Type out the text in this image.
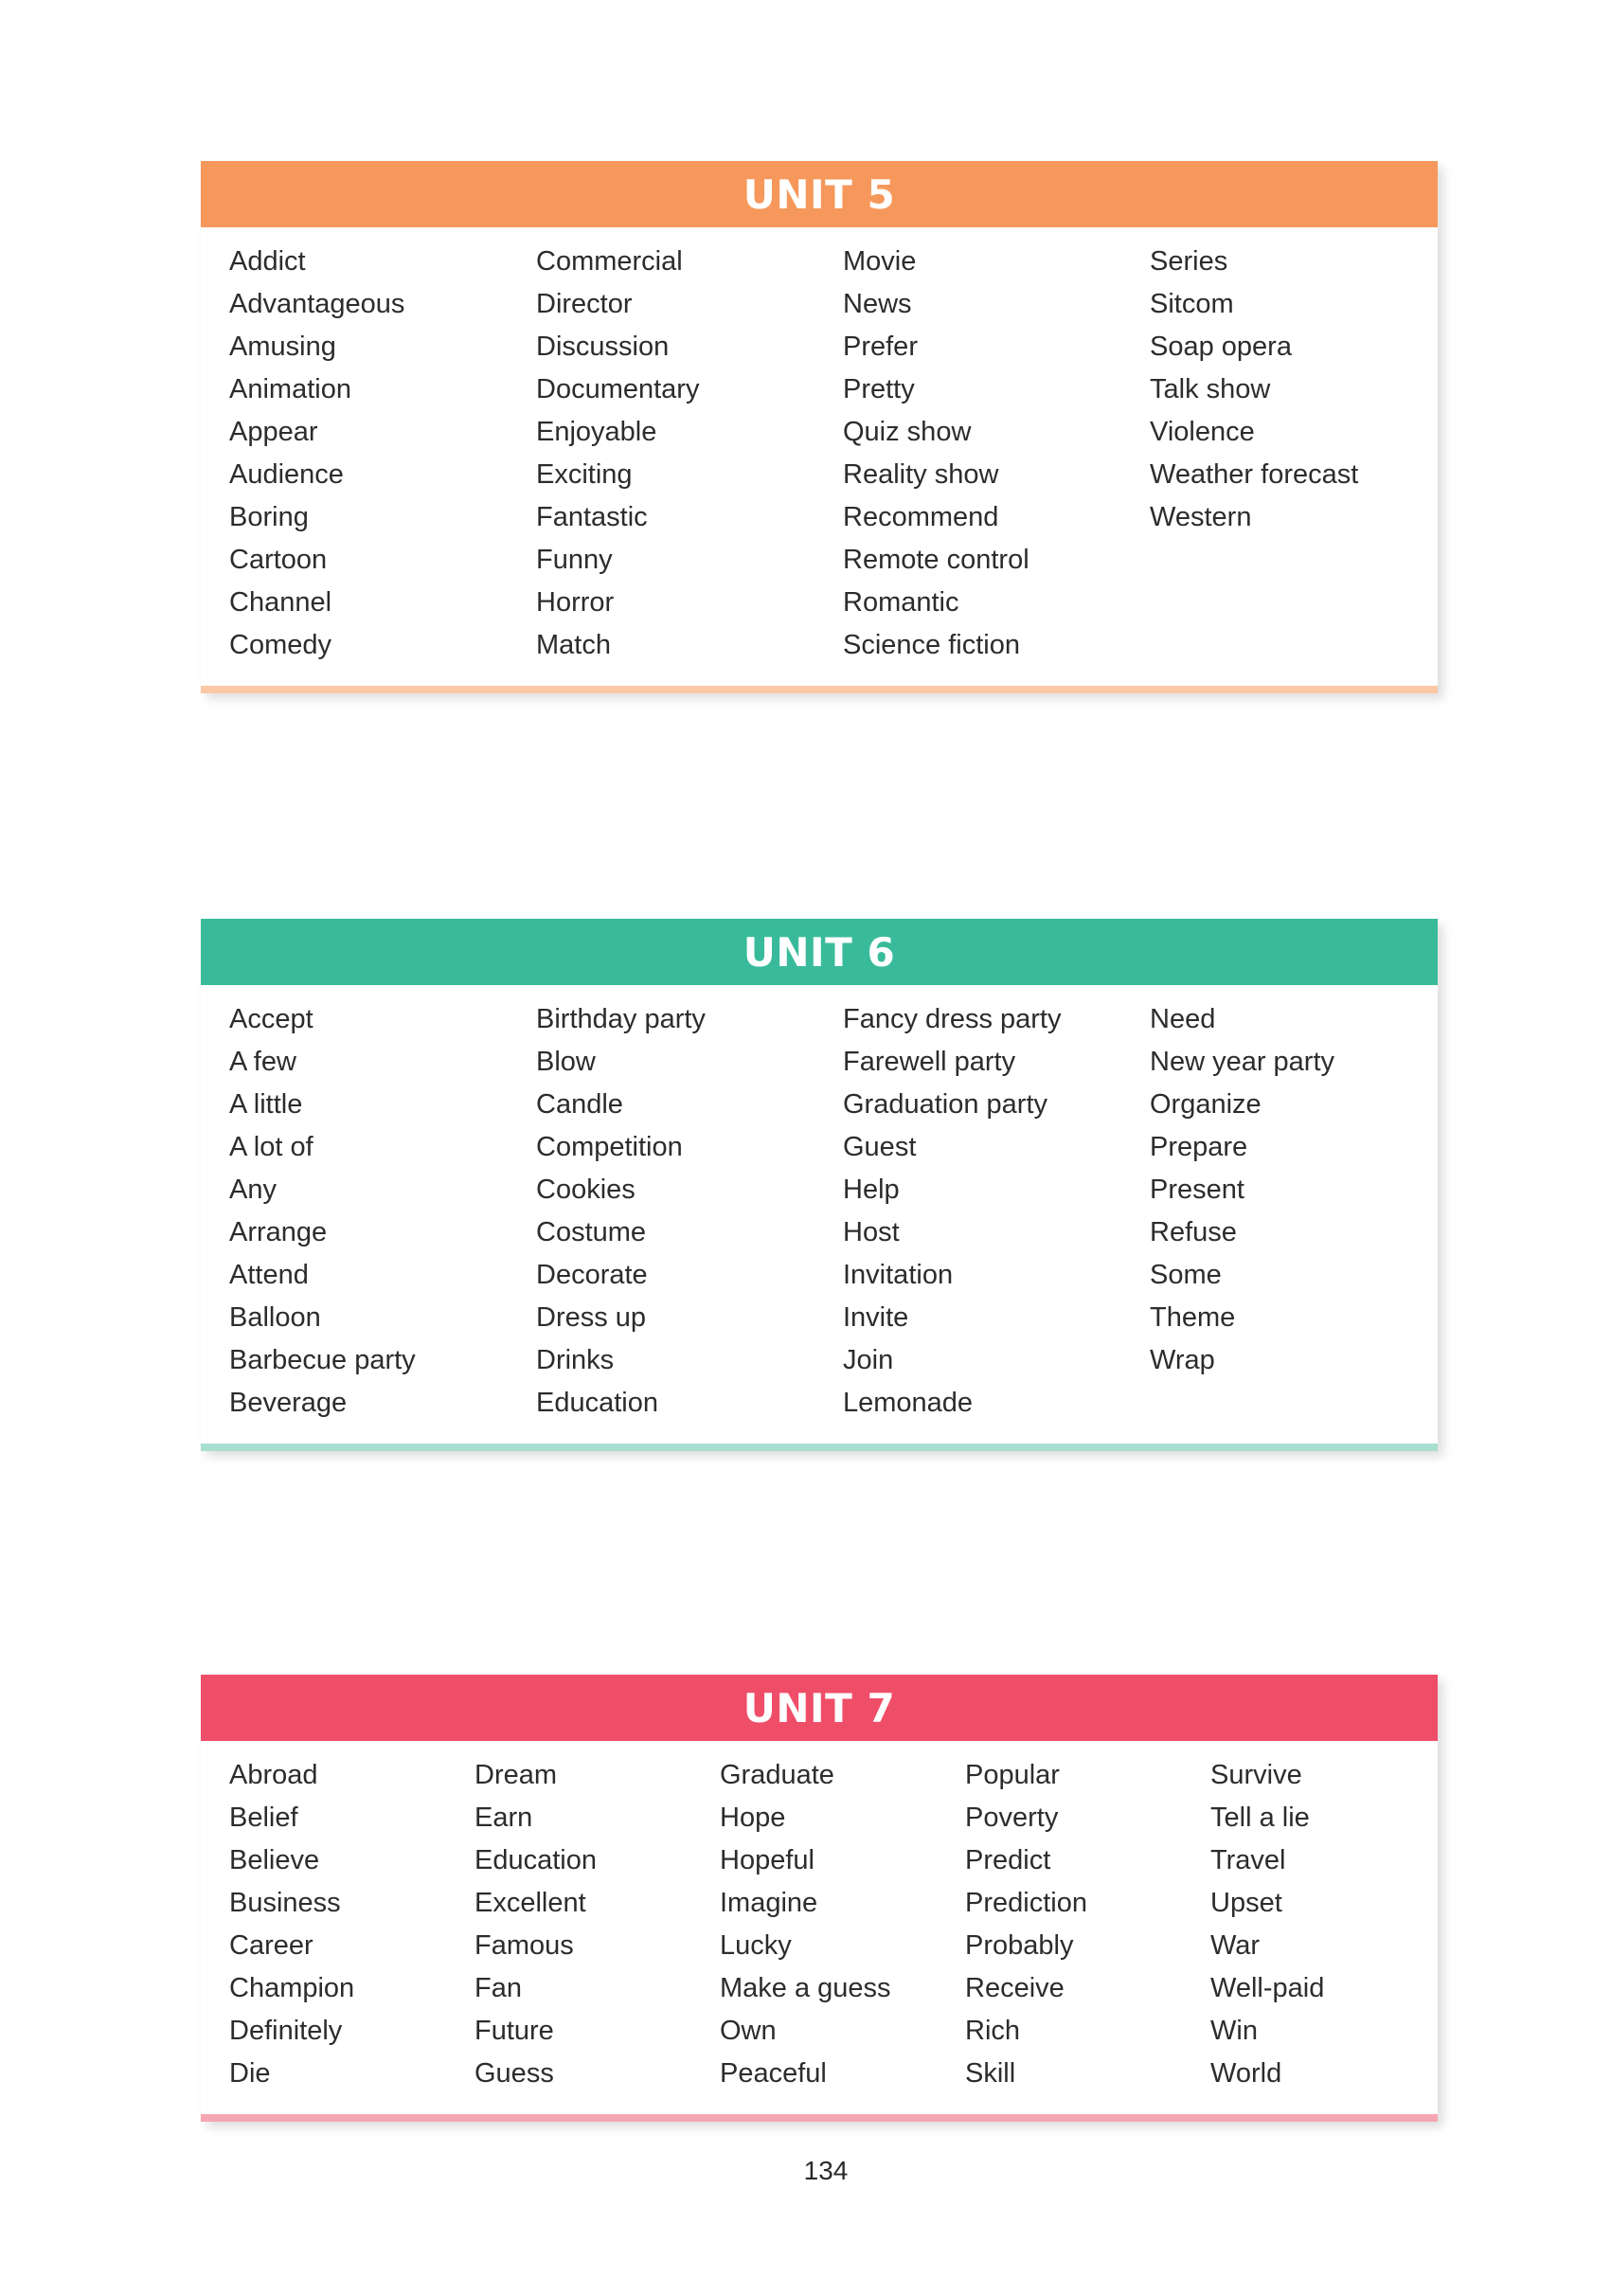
UNIT 5
Addict
Advantageous
Amusing
Animation
Appear
Audience
Boring
Cartoon
Channel
Comedy
Commercial
Director
Discussion
Documentary
Enjoyable
Exciting
Fantastic
Funny
Horror
Match
Movie
News
Prefer
Pretty
Quiz show
Reality show
Recommend
Remote control
Romantic
Science fiction
Series
Sitcom
Soap opera
Talk show
Violence
Weather forecast
Western
UNIT 6
Accept
A few
A little
A lot of
Any
Arrange
Attend
Balloon
Barbecue party
Beverage
Birthday party
Blow
Candle
Competition
Cookies
Costume
Decorate
Dress up
Drinks
Education
Fancy dress party
Farewell party
Graduation party
Guest
Help
Host
Invitation
Invite
Join
Lemonade
Need
New year party
Organize
Prepare
Present
Refuse
Some
Theme
Wrap
UNIT 7
Abroad
Belief
Believe
Business
Career
Champion
Definitely
Die
Dream
Earn
Education
Excellent
Famous
Fan
Future
Guess
Graduate
Hope
Hopeful
Imagine
Lucky
Make a guess
Own
Peaceful
Popular
Poverty
Predict
Prediction
Probably
Receive
Rich
Skill
Survive
Tell a lie
Travel
Upset
War
Well-paid
Win
World
134
